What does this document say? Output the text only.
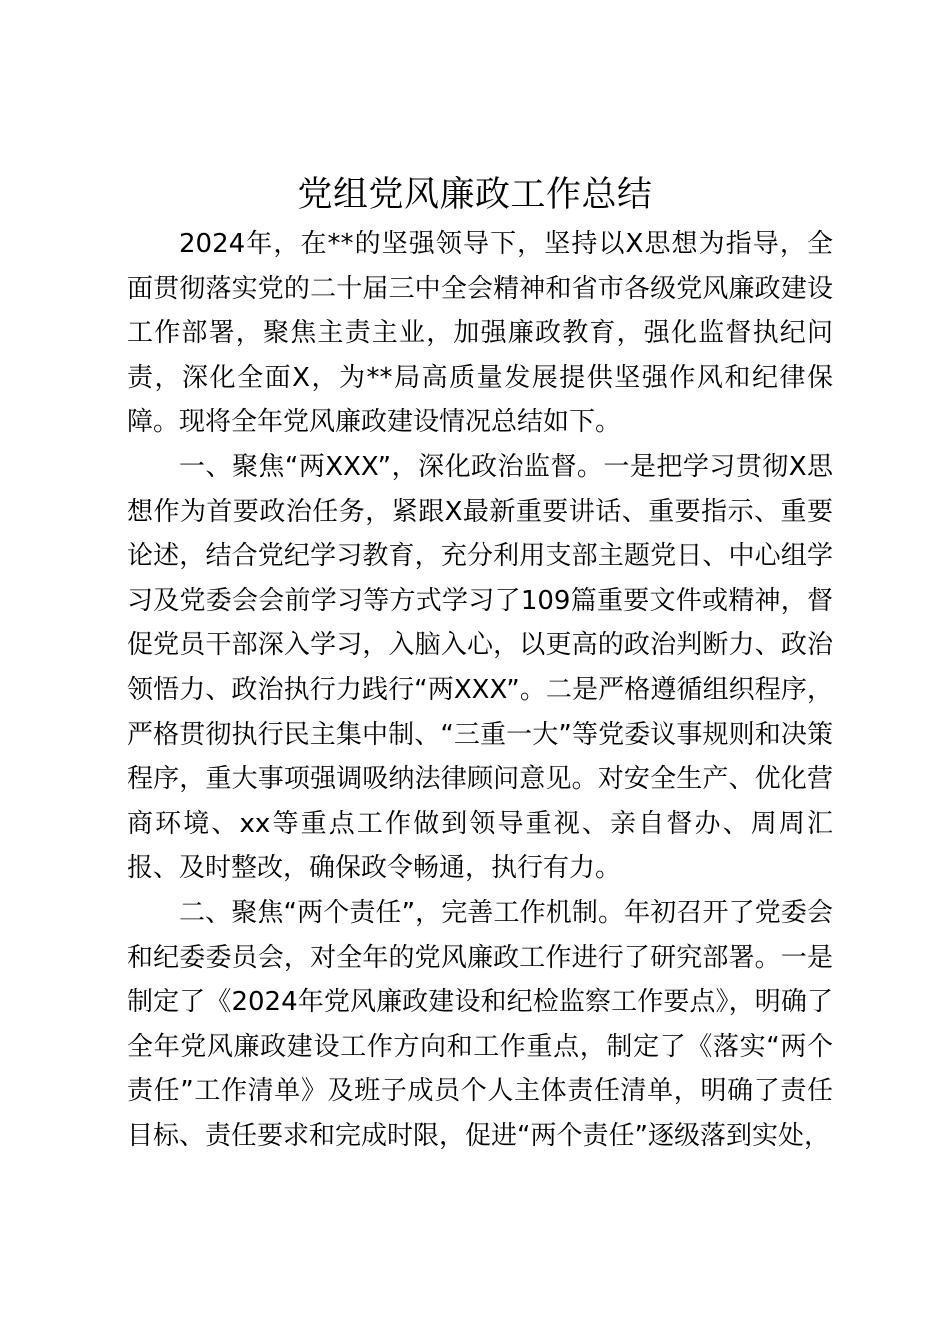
党组党风廉政工作总结

2024年，在**的坚强领导下，坚持以X思想为指导，全面贯彻落实党的二十届三中全会精神和省市各级党风廉政建设工作部署，聚焦主责主业，加强廉政教育，强化监督执纪问责，深化全面X，为**局高质量发展提供坚强作风和纪律保障。现将全年党风廉政建设情况总结如下。

一、聚焦“两XXX”，深化政治监督。一是把学习贯彻X思想作为首要政治任务，紧跟X最新重要讲话、重要指示、重要论述，结合党纪学习教育，充分利用支部主题党日、中心组学习及党委会会前学习等方式学习了109篇重要文件或精神，督促党员干部深入学习，入脑入心，以更高的政治判断力、政治领悟力、政治执行力践行“两XXX”。二是严格遵循组织程序，严格贯彻执行民主集中制、“三重一大”等党委议事规则和决策程序，重大事项强调吸纳法律顾问意见。对安全生产、优化营商环境、xx等重点工作做到领导重视、亲自督办、周周汇报、及时整改，确保政令畅通，执行有力。

二、聚焦“两个责任”，完善工作机制。年初召开了党委会和纪委委员会，对全年的党风廉政工作进行了研究部署。一是制定了《2024年党风廉政建设和纪检监察工作要点》，明确了全年党风廉政建设工作方向和工作重点，制定了《落实“两个责任”工作清单》及班子成员个人主体责任清单，明确了责任目标、责任要求和完成时限，促进“两个责任”逐级落到实处，
